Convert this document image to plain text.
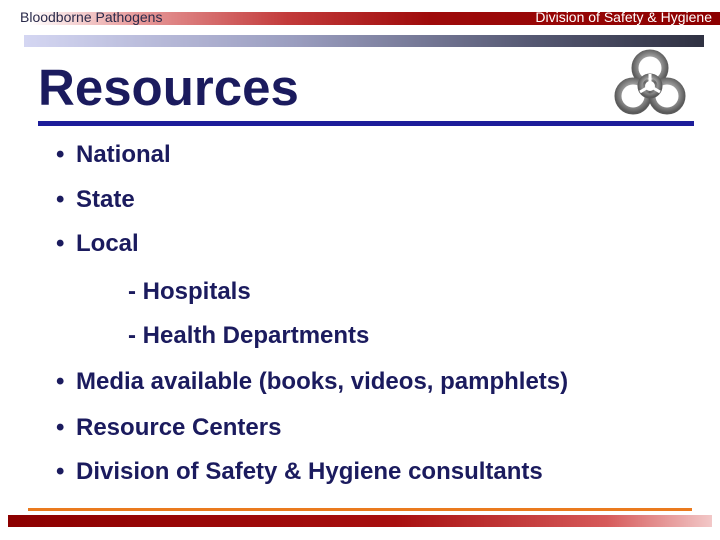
Bloodborne Pathogens	Division of Safety & Hygiene
Resources
• National
• State
• Local
- Hospitals
- Health Departments
• Media available (books, videos, pamphlets)
• Resource Centers
• Division of Safety & Hygiene consultants
